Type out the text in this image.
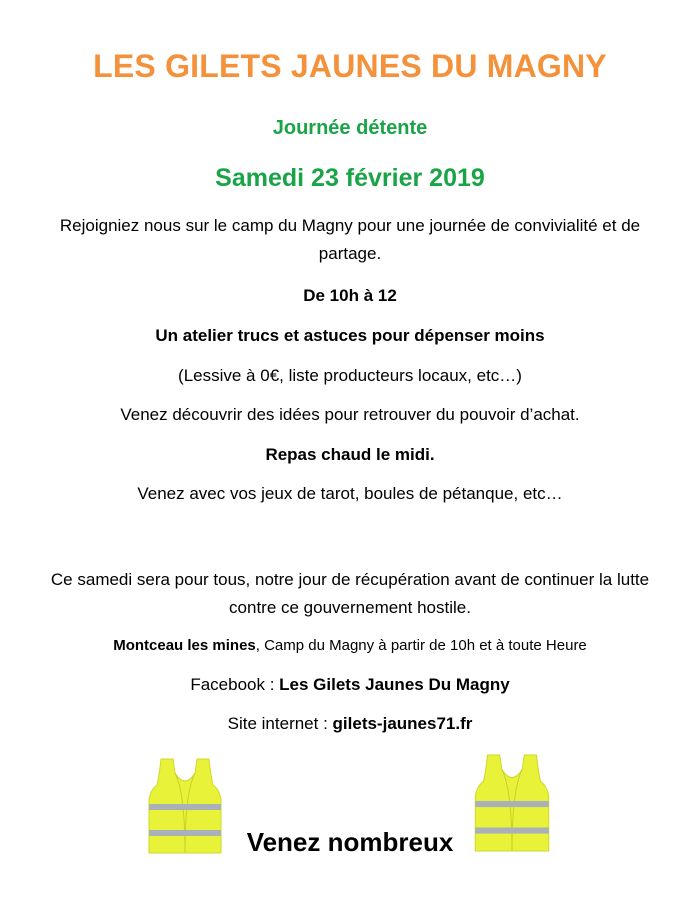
LES GILETS JAUNES DU MAGNY
Journée détente
Samedi 23 février 2019
Rejoigniez nous sur le camp du Magny pour une journée de convivialité et de partage.
De 10h à 12
Un atelier trucs et astuces pour dépenser moins
(Lessive à 0€, liste producteurs locaux, etc…)
Venez découvrir des idées pour retrouver du pouvoir d’achat.
Repas chaud le midi.
Venez avec vos jeux de tarot, boules de pétanque, etc…
Ce samedi sera pour tous, notre jour de récupération avant de continuer la lutte contre ce gouvernement hostile.
Montceau les mines, Camp du Magny à partir de 10h et à toute Heure
Facebook : Les Gilets Jaunes Du Magny
Site internet : gilets-jaunes71.fr
Venez nombreux
